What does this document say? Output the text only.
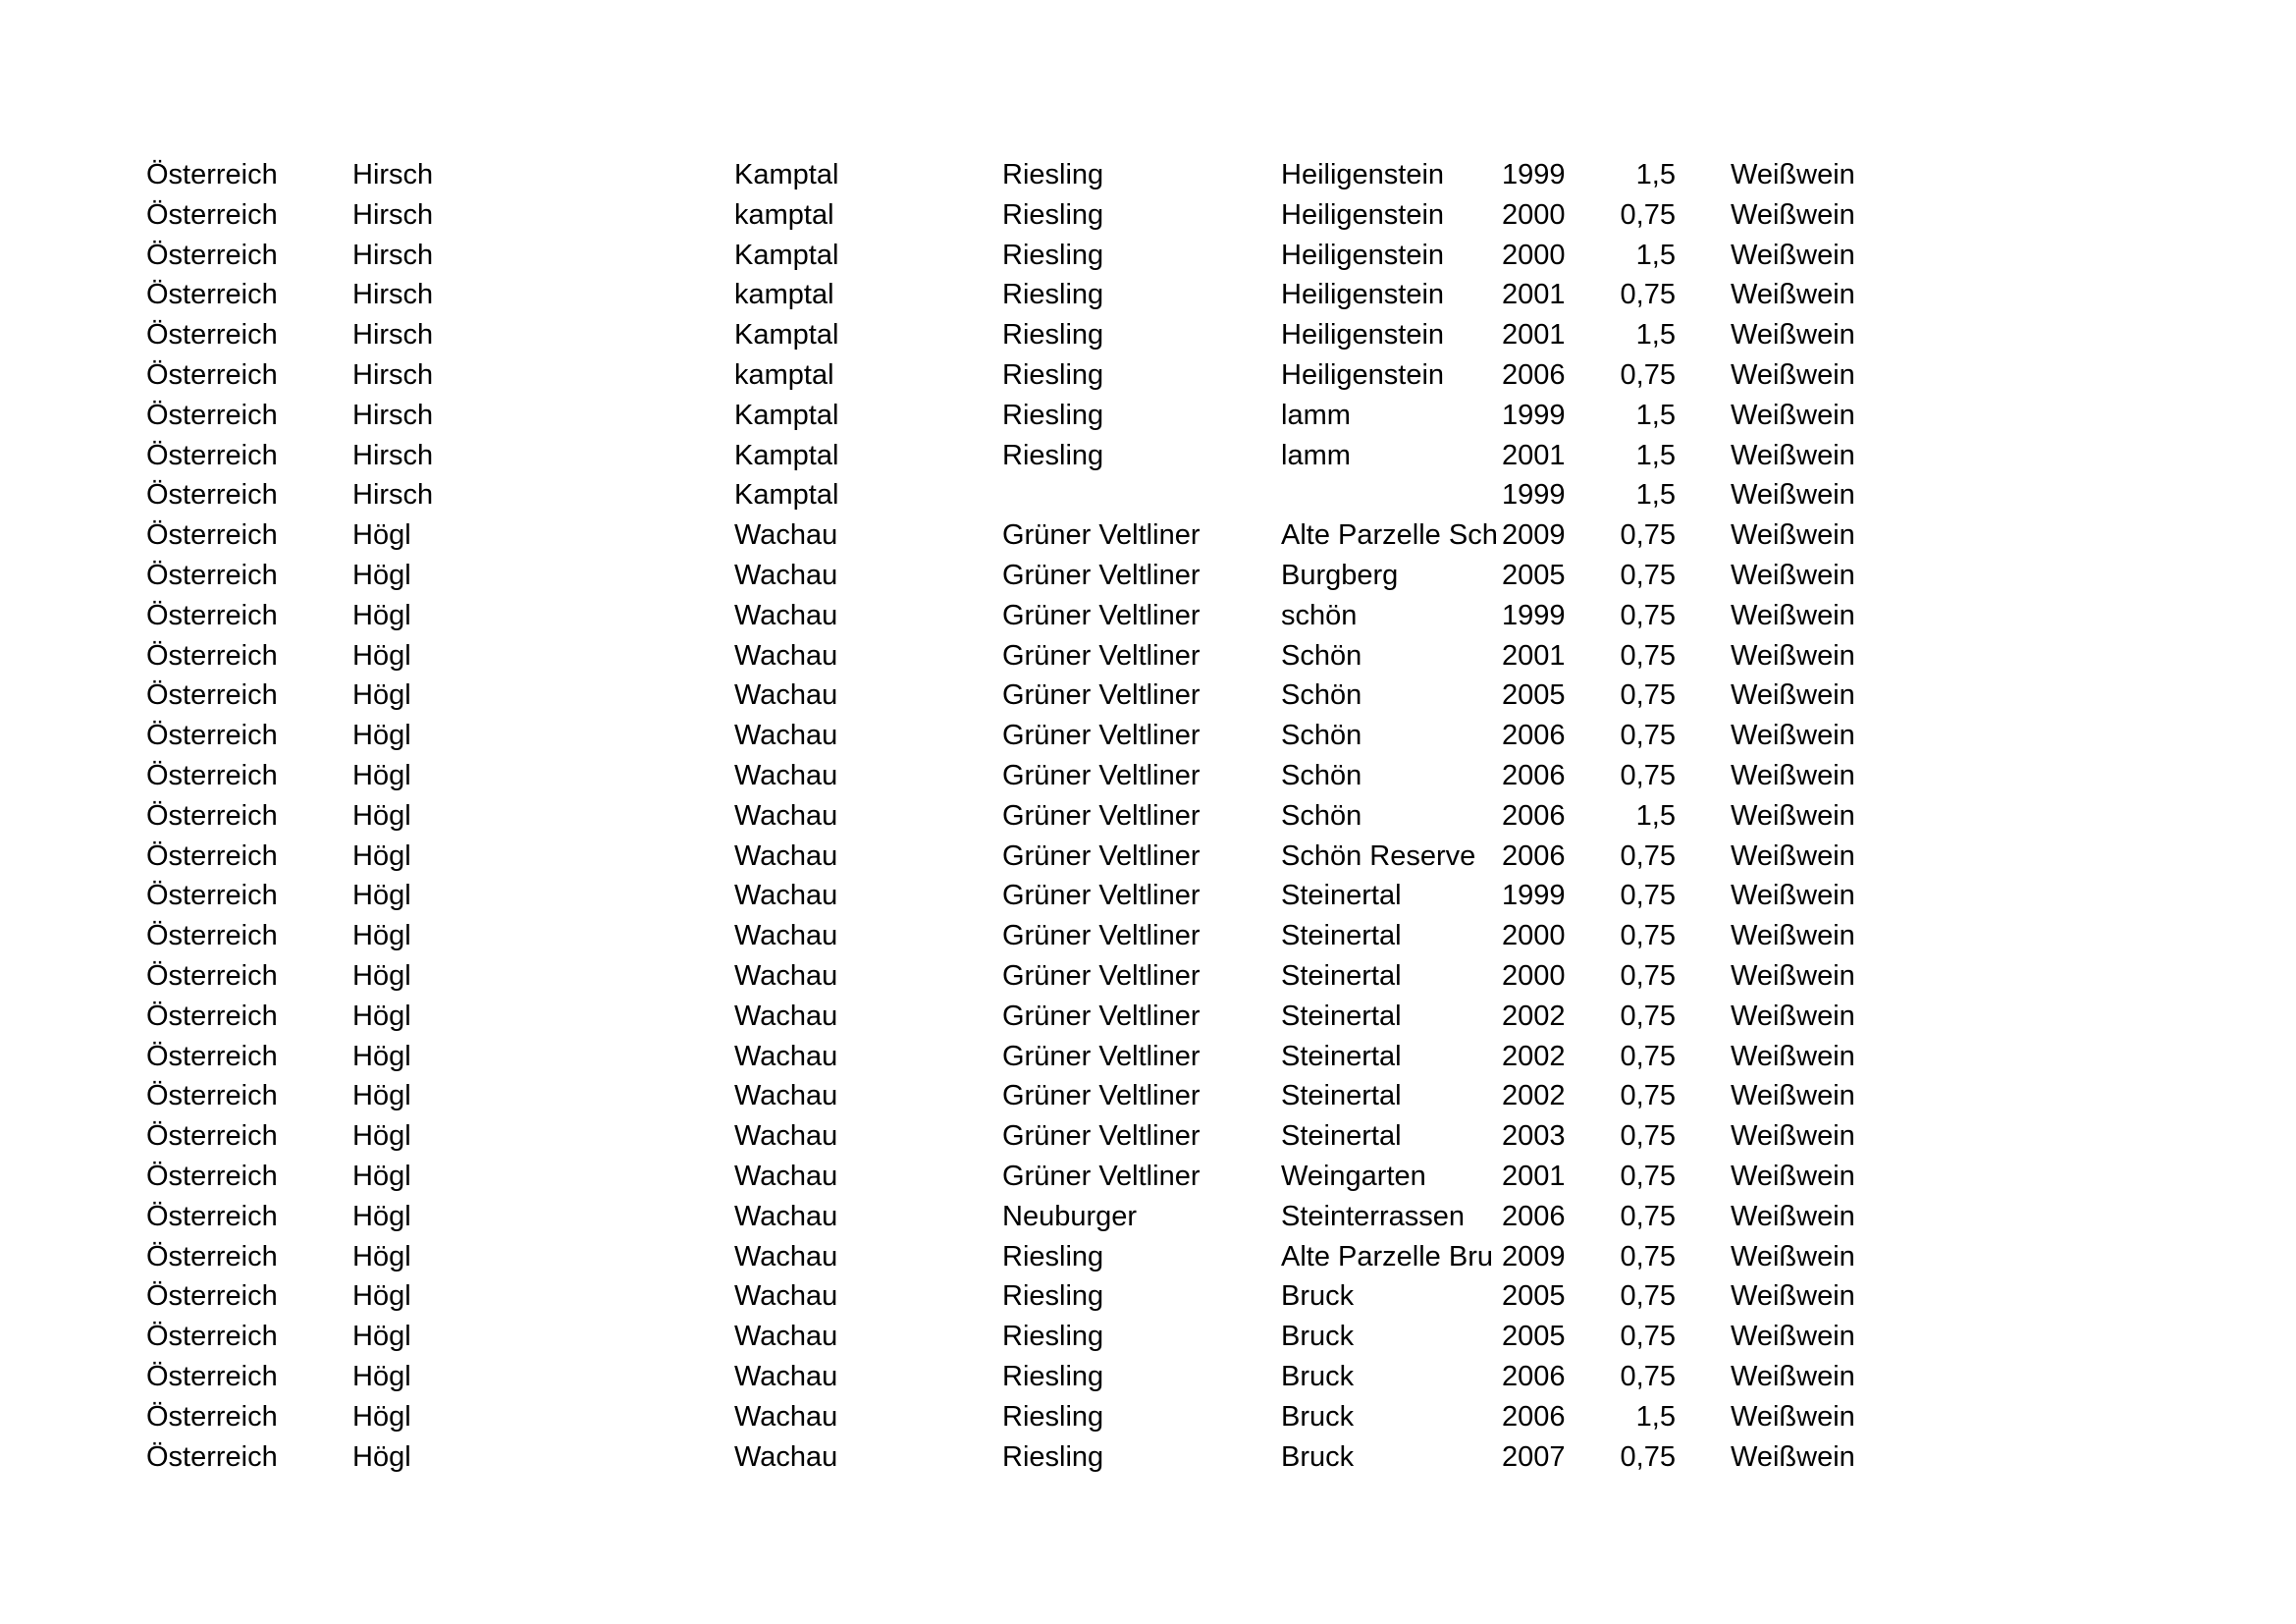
Österreich	Hirsch	Kamptal	Riesling	Heiligenstein	1999	1,5		Weißwein
Österreich	Hirsch	kamptal	Riesling	Heiligenstein	2000	0,75		Weißwein
Österreich	Hirsch	Kamptal	Riesling	Heiligenstein	2000	1,5		Weißwein
Österreich	Hirsch	kamptal	Riesling	Heiligenstein	2001	0,75		Weißwein
Österreich	Hirsch	Kamptal	Riesling	Heiligenstein	2001	1,5		Weißwein
Österreich	Hirsch	kamptal	Riesling	Heiligenstein	2006	0,75		Weißwein
Österreich	Hirsch	Kamptal	Riesling	lamm	1999	1,5		Weißwein
Österreich	Hirsch	Kamptal	Riesling	lamm	2001	1,5		Weißwein
Österreich	Hirsch	Kamptal			1999	1,5		Weißwein
Österreich	Högl	Wachau	Grüner Veltliner	Alte Parzelle Sch	2009	0,75		Weißwein
Österreich	Högl	Wachau	Grüner Veltliner	Burgberg	2005	0,75		Weißwein
Österreich	Högl	Wachau	Grüner Veltliner	schön	1999	0,75		Weißwein
Österreich	Högl	Wachau	Grüner Veltliner	Schön	2001	0,75		Weißwein
Österreich	Högl	Wachau	Grüner Veltliner	Schön	2005	0,75		Weißwein
Österreich	Högl	Wachau	Grüner Veltliner	Schön	2006	0,75		Weißwein
Österreich	Högl	Wachau	Grüner Veltliner	Schön	2006	0,75		Weißwein
Österreich	Högl	Wachau	Grüner Veltliner	Schön	2006	1,5		Weißwein
Österreich	Högl	Wachau	Grüner Veltliner	Schön Reserve	2006	0,75		Weißwein
Österreich	Högl	Wachau	Grüner Veltliner	Steinertal	1999	0,75		Weißwein
Österreich	Högl	Wachau	Grüner Veltliner	Steinertal	2000	0,75		Weißwein
Österreich	Högl	Wachau	Grüner Veltliner	Steinertal	2000	0,75		Weißwein
Österreich	Högl	Wachau	Grüner Veltliner	Steinertal	2002	0,75		Weißwein
Österreich	Högl	Wachau	Grüner Veltliner	Steinertal	2002	0,75		Weißwein
Österreich	Högl	Wachau	Grüner Veltliner	Steinertal	2002	0,75		Weißwein
Österreich	Högl	Wachau	Grüner Veltliner	Steinertal	2003	0,75		Weißwein
Österreich	Högl	Wachau	Grüner Veltliner	Weingarten	2001	0,75		Weißwein
Österreich	Högl	Wachau	Neuburger	Steinterrassen	2006	0,75		Weißwein
Österreich	Högl	Wachau	Riesling	Alte Parzelle Bru	2009	0,75		Weißwein
Österreich	Högl	Wachau	Riesling	Bruck	2005	0,75		Weißwein
Österreich	Högl	Wachau	Riesling	Bruck	2005	0,75		Weißwein
Österreich	Högl	Wachau	Riesling	Bruck	2006	0,75		Weißwein
Österreich	Högl	Wachau	Riesling	Bruck	2006	1,5		Weißwein
Österreich	Högl	Wachau	Riesling	Bruck	2007	0,75		Weißwein
